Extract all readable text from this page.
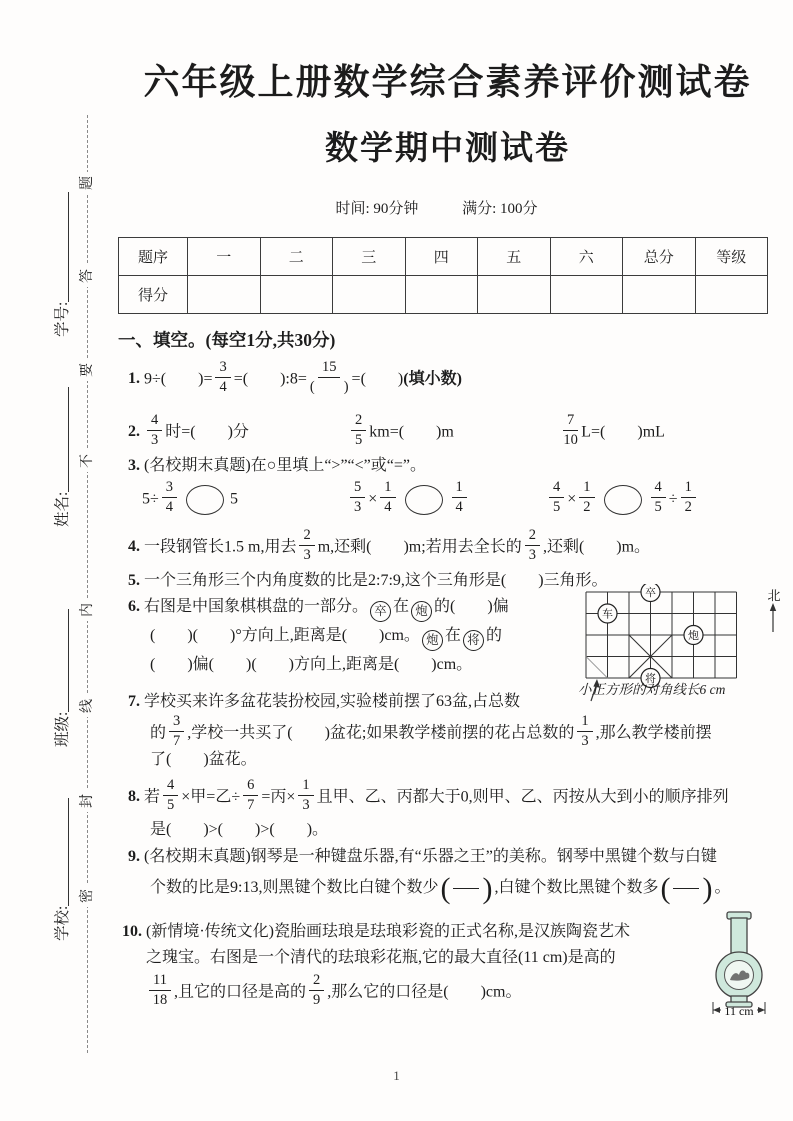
密
封
线
内
不
要
答
题
学号:
姓名:
班级:
学校:
六年级上册数学综合素养评价测试卷
数学期中测试卷
时间: 90分钟	满分: 100分
题序	一	二	三	四	五	六	总分	等级
得分								
一、填空。(每空1分,共30分)
1. 9÷(　　)= $\frac{3}{4}$ =(　　):8= $\frac{15}{( )}$ =(　　)(填小数)
2. $\frac{4}{3}$ 时=(　　)分	$\frac{2}{5} km=$(　　)m	$\frac{7}{10} L=$(　　)mL
3. (名校期末真题)在○里填上“>”“<”或“=”。
$5\div \frac{3}{4}$	5	$\frac{5}{3} \times \frac{1}{4}$	$\frac{1}{4}$	$\frac{4}{5} \times \frac{1}{2}$	$\frac{4}{5} \div \frac{1}{2}$
4. 一段钢管长1.5 m,用去 $\frac{2}{3} m$,还剩(　　)m;若用去全长的 $\frac{2}{3}$ ,还剩(　　)m。
5. 一个三角形三个内角度数的比是2:7:9,这个三角形是(　　)三角形。
6. 右图是中国象棋棋盘的一部分。 卒 在 炮 的(　　)偏
(　　)(　　)°方向上,距离是(　　)cm。 炮 在 将 的
(　　)偏(　　)(　　)方向上,距离是(　　)cm。
车
卒
炮
将
北
小正方形的对角线长6 cm
7. 学校买来许多盆花装扮校园,实验楼前摆了63盆,占总数
的 $\frac{3}{7}$ ,学校一共买了(　　)盆花;如果教学楼前摆的花占总数的 $\frac{1}{3}$ ,那么教学楼前摆
了(　　)盆花。
8. 若 $\frac{4}{5}$ ×甲=乙÷ $\frac{6}{7}$ =丙× $\frac{1}{3}$ 且甲、乙、丙都大于0,则甲、乙、丙按从大到小的顺序排列
是(　　)>(　　)>(　　)。
9. (名校期末真题)钢琴是一种键盘乐器,有“乐器之王”的美称。钢琴中黑键个数与白键
个数的比是9:13,则黑键个数比白键个数少 ( ) ,白键个数比黑键个数多 ( ) 。
10. (新情境·传统文化)瓷胎画珐琅是珐琅彩瓷的正式名称,是汉族陶瓷艺术
之瑰宝。右图是一个清代的珐琅彩花瓶,它的最大直径(11 cm)是高的
$\frac{11}{18}$ ,且它的口径是高的 $\frac{2}{9}$ ,那么它的口径是(　　)cm。
11 cm
1
